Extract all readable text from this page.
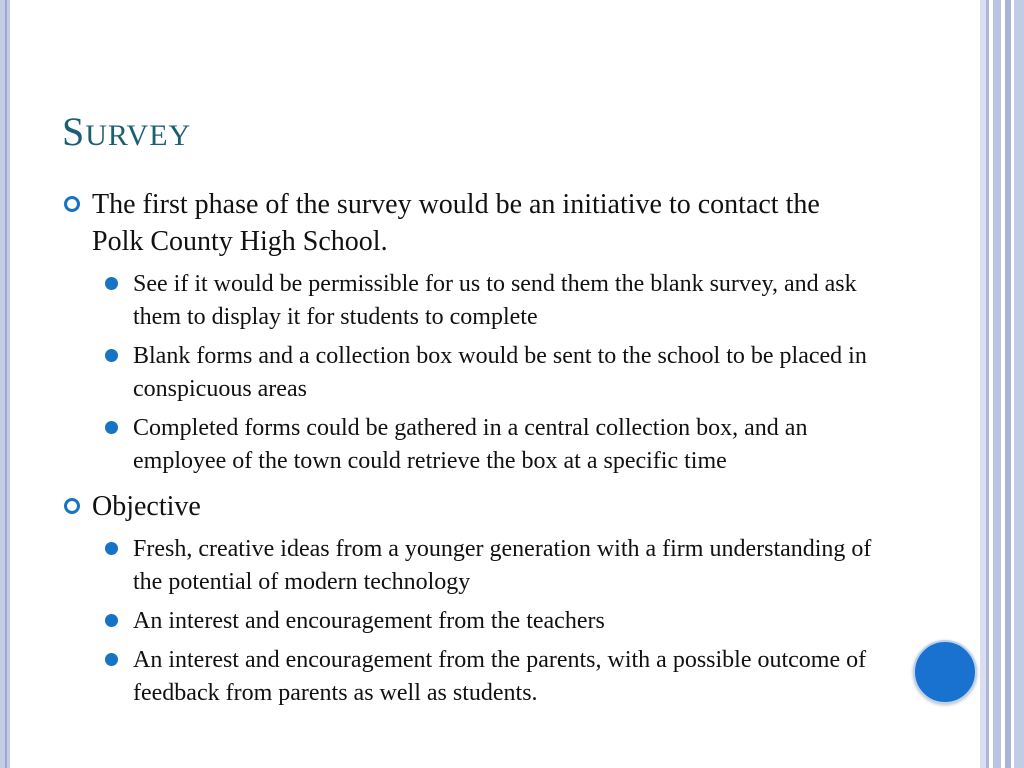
SURVEY
The first phase of the survey would be an initiative to contact the Polk County High School.
See if it would be permissible for us to send them the blank survey, and ask them to display it for students to complete
Blank forms and a collection box would be sent to the school to be placed in conspicuous areas
Completed forms could be gathered in a central collection box, and an employee of the town could retrieve the box at a specific time
Objective
Fresh, creative ideas from a younger generation with a firm understanding of the potential of modern technology
An interest and encouragement from the teachers
An interest and encouragement from the parents, with a possible outcome of feedback from parents as well as students.
